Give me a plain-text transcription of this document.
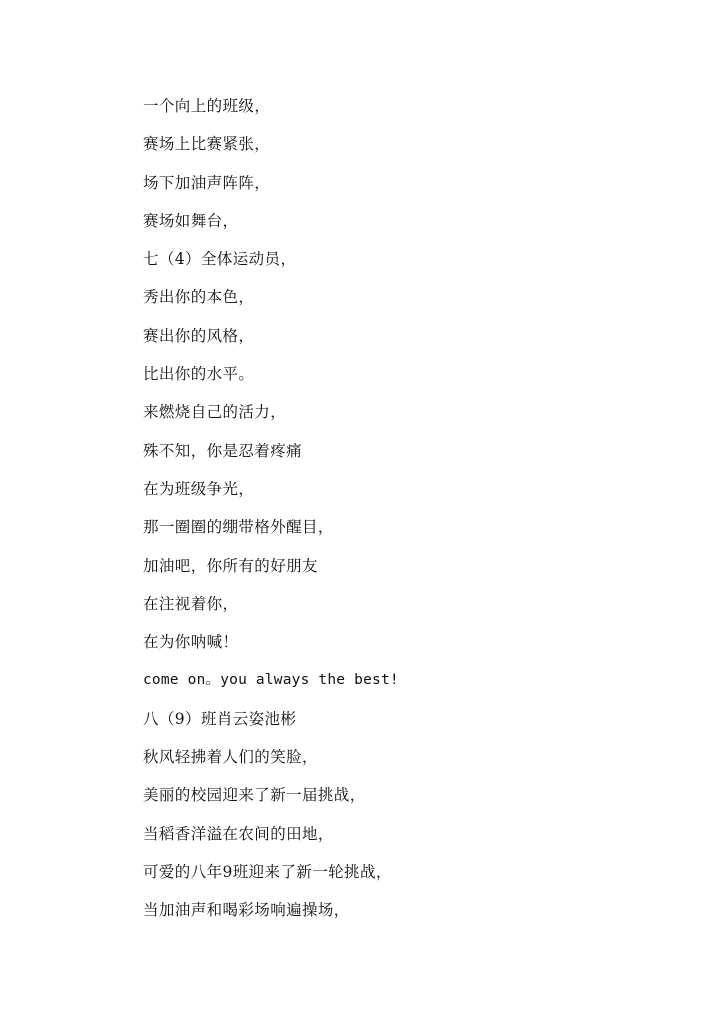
一个向上的班级，
赛场上比赛紧张，
场下加油声阵阵，
赛场如舞台，
七（4）全体运动员，
秀出你的本色，
赛出你的风格，
比出你的水平。
来燃烧自己的活力，
殊不知，你是忍着疼痛
在为班级争光，
那一圈圈的绷带格外醒目，
加油吧，你所有的好朋友
在注视着你，
在为你呐喊！
come on。you always the best!
八（9）班肖云姿池彬
秋风轻拂着人们的笑脸，
美丽的校园迎来了新一届挑战，
当稻香洋溢在农间的田地，
可爱的八年9班迎来了新一轮挑战，
当加油声和喝彩场响遍操场，
